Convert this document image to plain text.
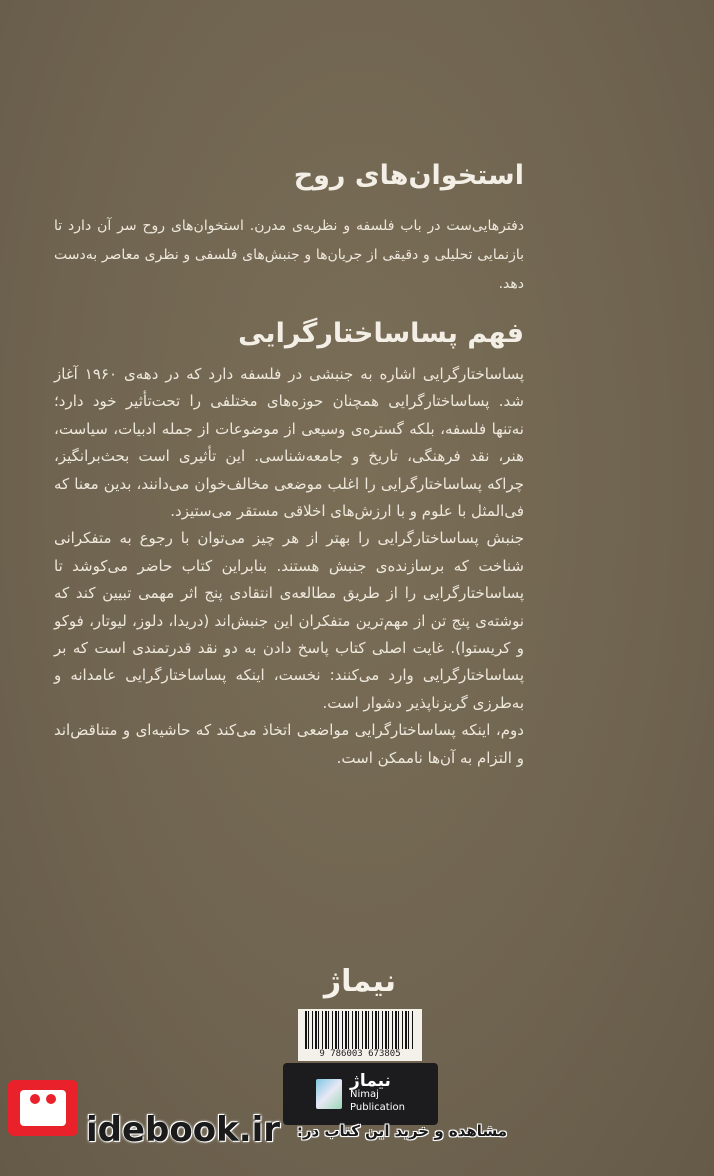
استخوان‌های روح
دفترهایی‌ست در باب فلسفه و نظریه‌ی مدرن. استخوان‌های روح سر آن دارد تا بازنمایی تحلیلی و دقیقی از جریان‌ها و جنبش‌های فلسفی و نظری معاصر به‌دست دهد.
فهم پساساختارگرایی

پساساختارگرایی اشاره به جنبشی در فلسفه دارد که در دهه‌ی ۱۹۶۰ آغاز شد. پساساختارگرایی همچنان حوزه‌های مختلفی را تحت‌تأثیر خود دارد؛ نه‌تنها فلسفه، بلکه گستره‌ی وسیعی از موضوعات از جمله ادبیات، سیاست، هنر، نقد فرهنگی، تاریخ و جامعه‌شناسی. این تأثیری است بحث‌برانگیز، چراکه پساساختارگرایی را اغلب موضعی مخالف‌خوان می‌دانند، بدین معنا که فی‌المثل با علوم و با ارزش‌های اخلاقی مستقر می‌ستیزد.

جنبش پساساختارگرایی را بهتر از هر چیز می‌توان با رجوع به متفکرانی شناخت که برسازنده‌ی جنبش هستند. بنابراین کتاب حاضر می‌کوشد تا پساساختارگرایی را از طریق مطالعه‌ی انتقادی پنج اثر مهمی تبیین کند که نوشته‌ی پنج تن از مهم‌ترین متفکران این جنبش‌اند (دریدا، دلوز، لیوتار، فوکو و کریستوا). غایت اصلی کتاب پاسخ دادن به دو نقد قدرتمندی است که بر پساساختارگرایی وارد می‌کنند: نخست، اینکه پساساختارگرایی عامدانه و به‌طرزی گریزناپذیر دشوار است.

دوم، اینکه پساساختارگرایی مواضعی اتخاذ می‌کند که حاشیه‌ای و متناقض‌اند و التزام به آن‌ها ناممکن است.

نیماژ
9 786003 673805
نیماژ
Nimaj
Publication
idebook.ir	مشاهده و خرید این کتاب در:
